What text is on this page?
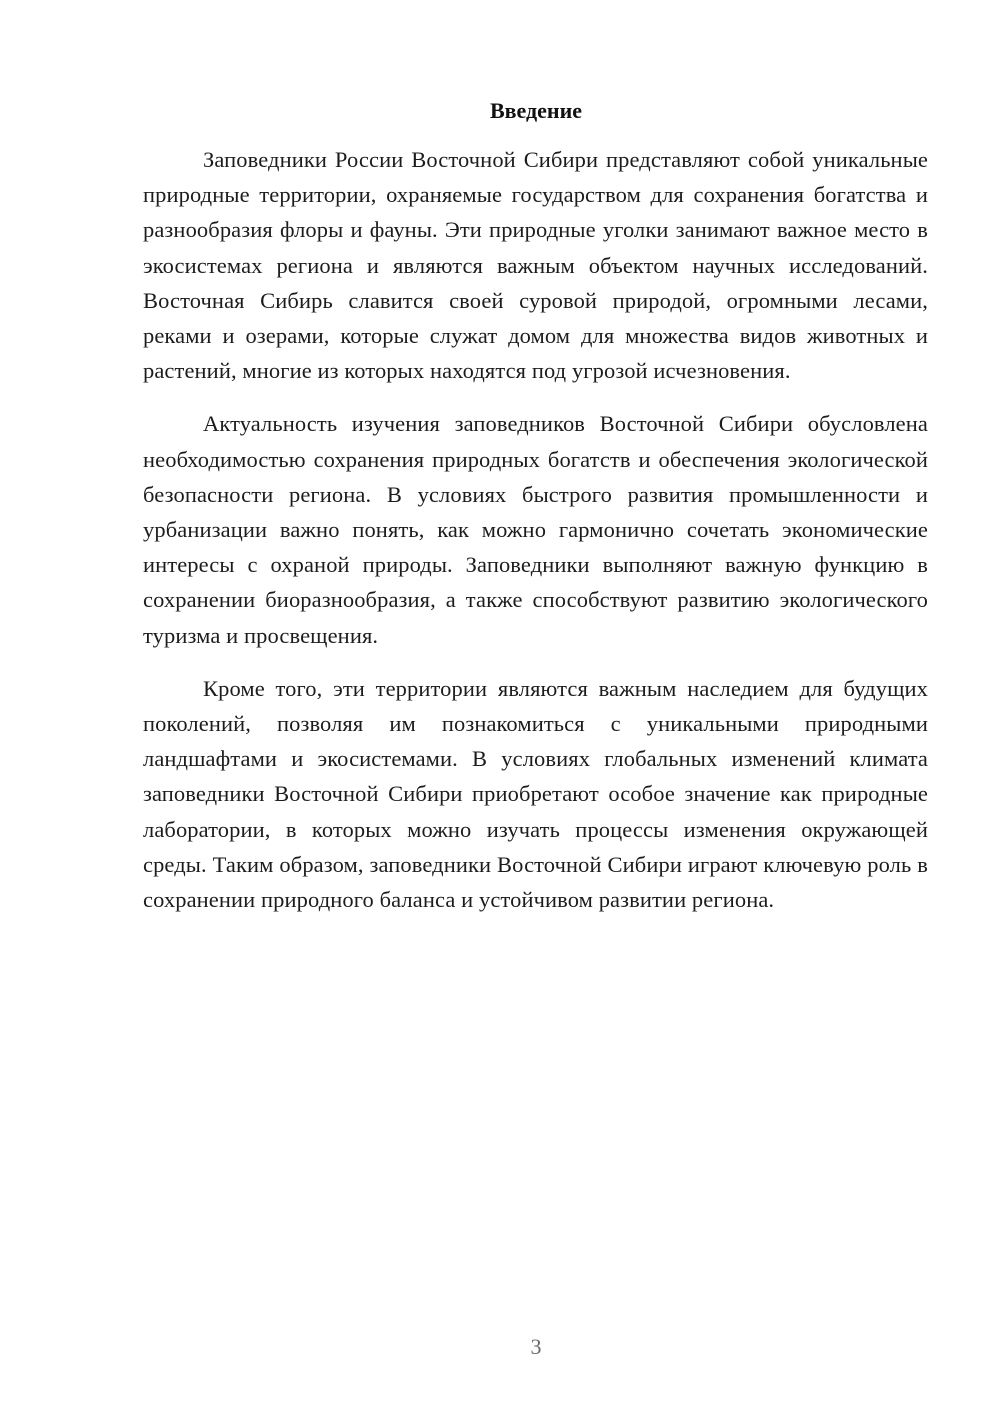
Введение

Заповедники России Восточной Сибири представляют собой уникальные природные территории, охраняемые государством для сохранения богатства и разнообразия флоры и фауны. Эти природные уголки занимают важное место в экосистемах региона и являются важным объектом научных исследований. Восточная Сибирь славится своей суровой природой, огромными лесами, реками и озерами, которые служат домом для множества видов животных и растений, многие из которых находятся под угрозой исчезновения.

Актуальность изучения заповедников Восточной Сибири обусловлена необходимостью сохранения природных богатств и обеспечения экологической безопасности региона. В условиях быстрого развития промышленности и урбанизации важно понять, как можно гармонично сочетать экономические интересы с охраной природы. Заповедники выполняют важную функцию в сохранении биоразнообразия, а также способствуют развитию экологического туризма и просвещения.

Кроме того, эти территории являются важным наследием для будущих поколений, позволяя им познакомиться с уникальными природными ландшафтами и экосистемами. В условиях глобальных изменений климата заповедники Восточной Сибири приобретают особое значение как природные лаборатории, в которых можно изучать процессы изменения окружающей среды. Таким образом, заповедники Восточной Сибири играют ключевую роль в сохранении природного баланса и устойчивом развитии региона.

3
